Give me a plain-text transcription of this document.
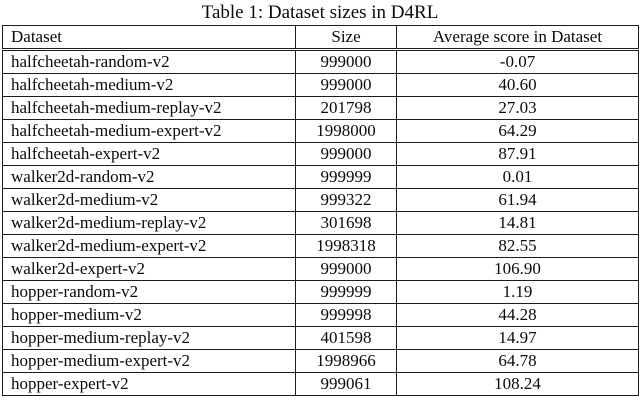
Table 1: Dataset sizes in D4RL
Dataset	Size	Average score in Dataset
halfcheetah-random-v2	999000	-0.07
halfcheetah-medium-v2	999000	40.60
halfcheetah-medium-replay-v2	201798	27.03
halfcheetah-medium-expert-v2	1998000	64.29
halfcheetah-expert-v2	999000	87.91
walker2d-random-v2	999999	0.01
walker2d-medium-v2	999322	61.94
walker2d-medium-replay-v2	301698	14.81
walker2d-medium-expert-v2	1998318	82.55
walker2d-expert-v2	999000	106.90
hopper-random-v2	999999	1.19
hopper-medium-v2	999998	44.28
hopper-medium-replay-v2	401598	14.97
hopper-medium-expert-v2	1998966	64.78
hopper-expert-v2	999061	108.24
